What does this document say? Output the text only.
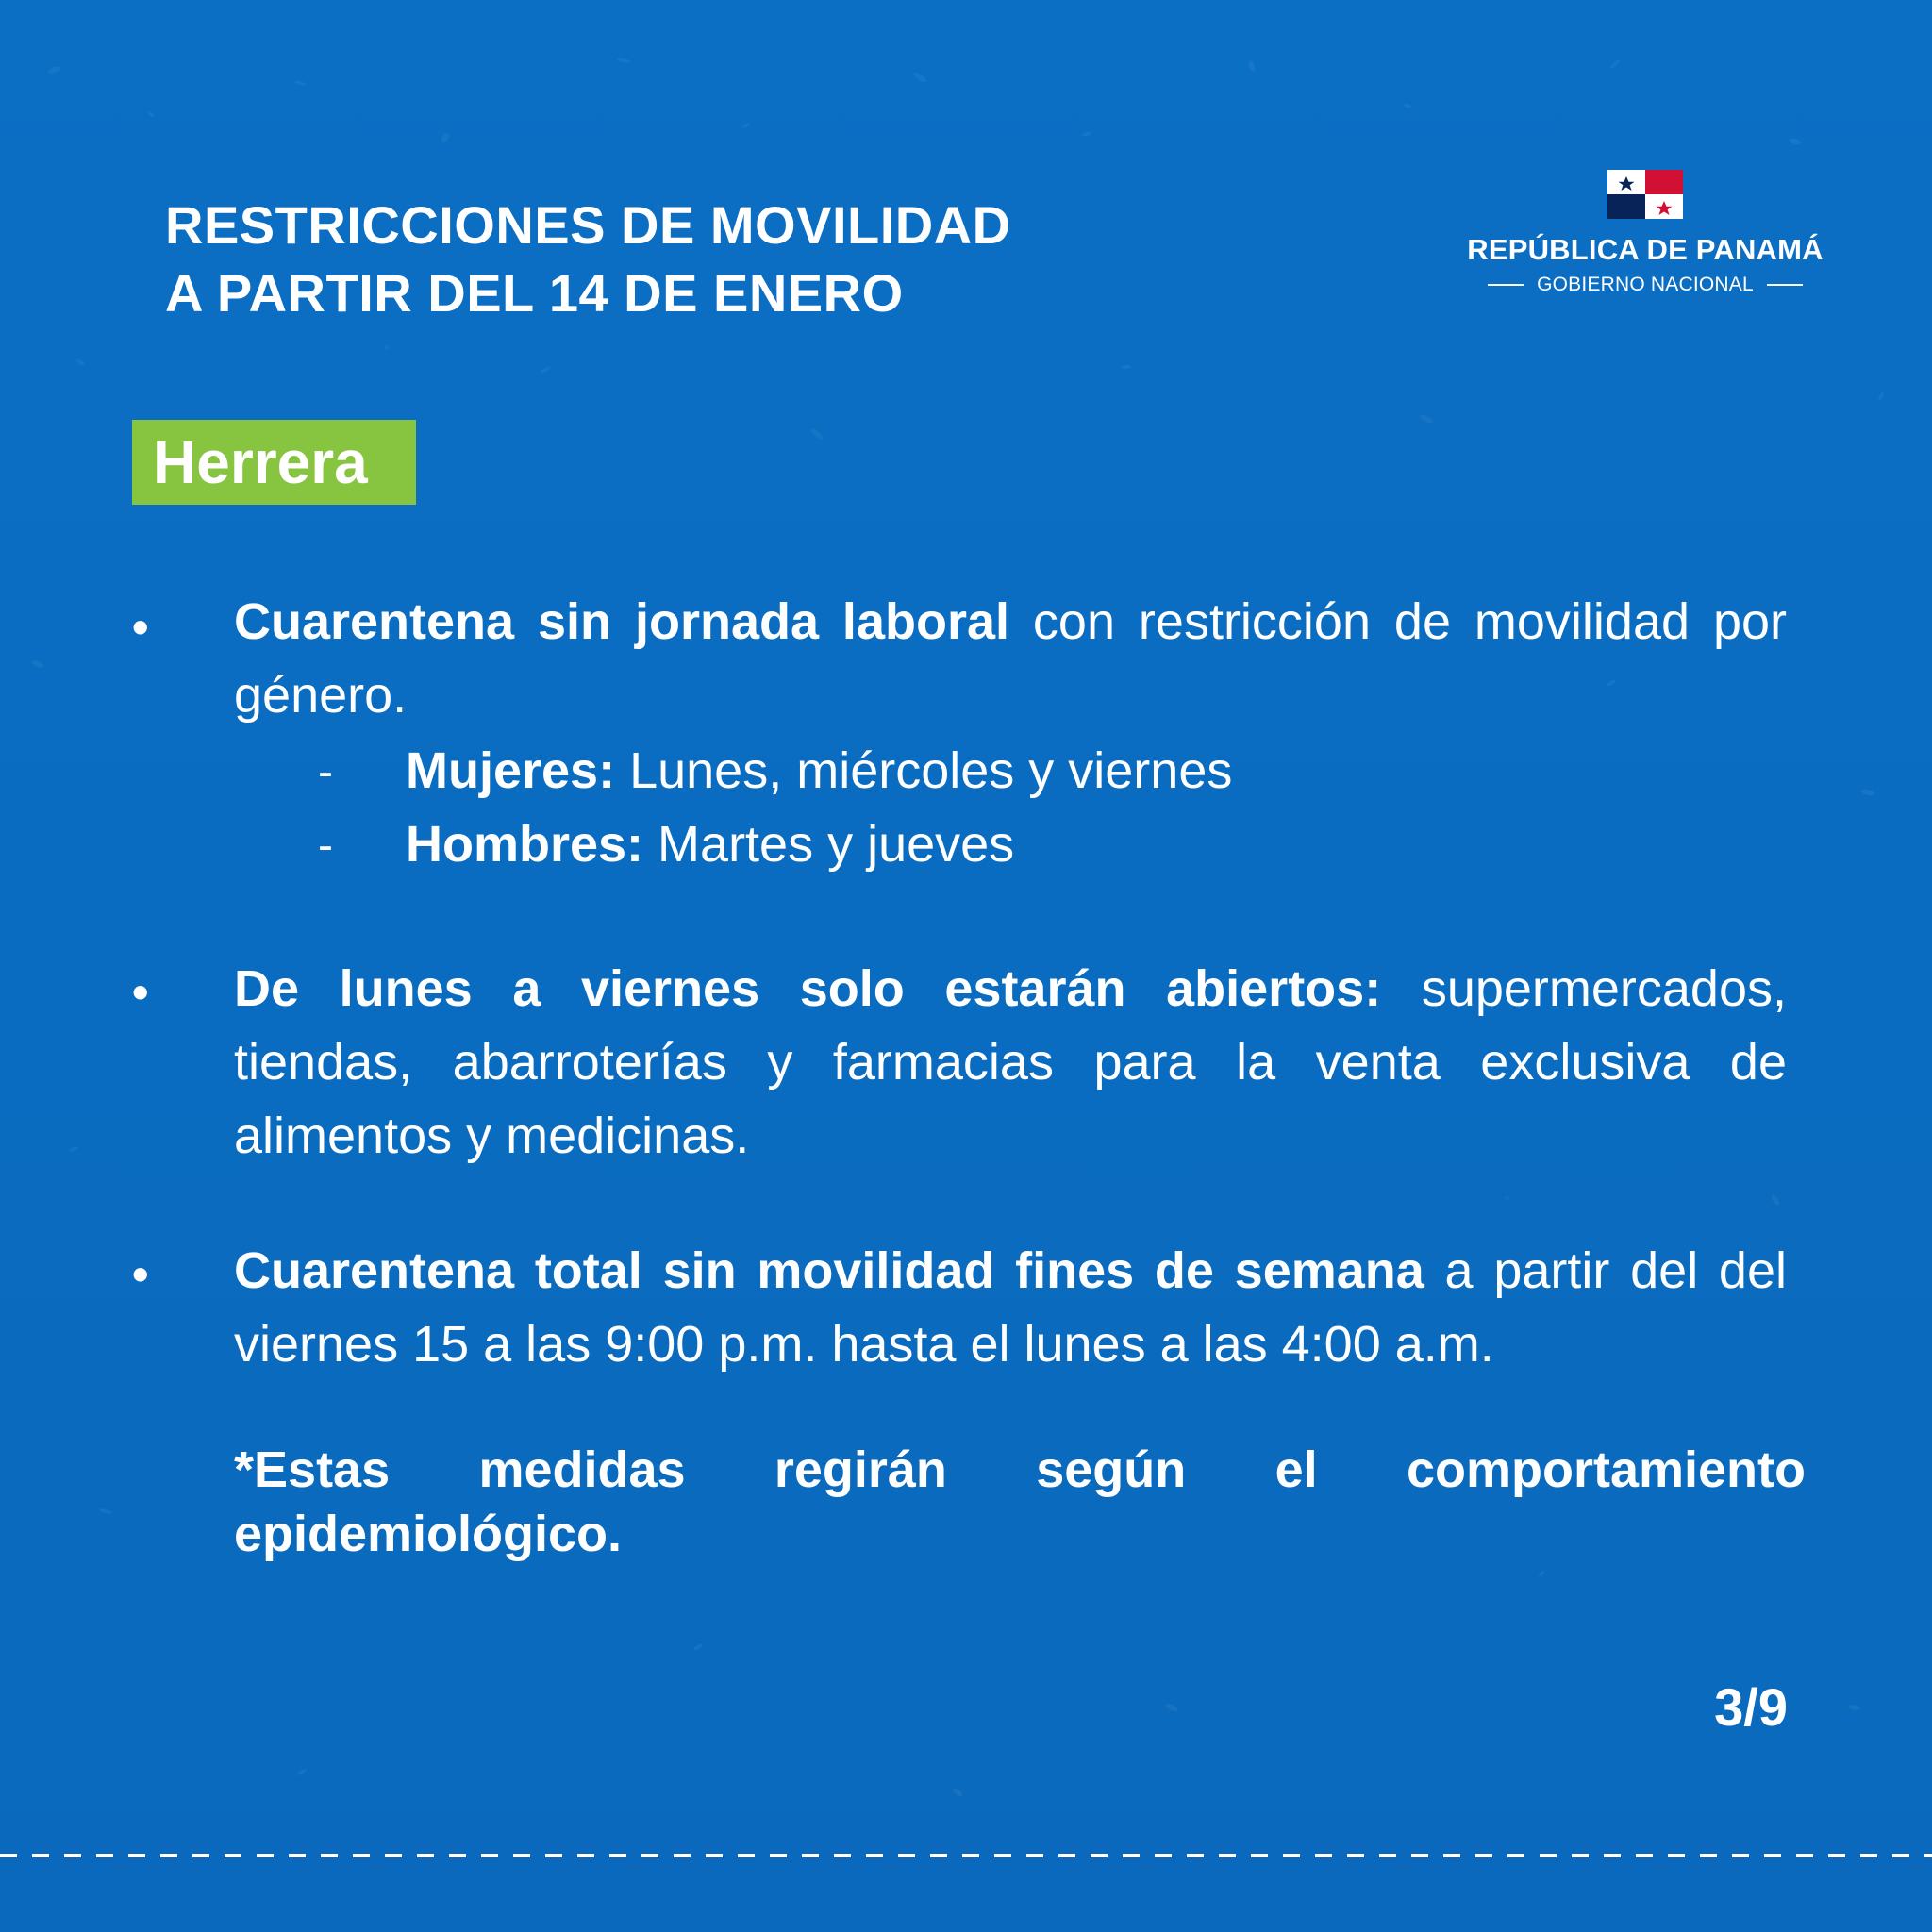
RESTRICCIONES DE MOVILIDAD
A PARTIR DEL 14 DE ENERO
REPÚBLICA DE PANAMÁ
GOBIERNO NACIONAL
Herrera
• Cuarentena sin jornada laboral con restricción de movilidad por género.
- Mujeres: Lunes, miércoles y viernes
- Hombres: Martes y jueves
• De lunes a viernes solo estarán abiertos: supermercados, tiendas, abarroterías y farmacias para la venta exclusiva de alimentos y medicinas.
• Cuarentena total sin movilidad fines de semana a partir del del viernes 15 a las 9:00 p.m. hasta el lunes a las 4:00 a.m.
*Estas medidas regirán según el comportamiento epidemiológico.
3/9
